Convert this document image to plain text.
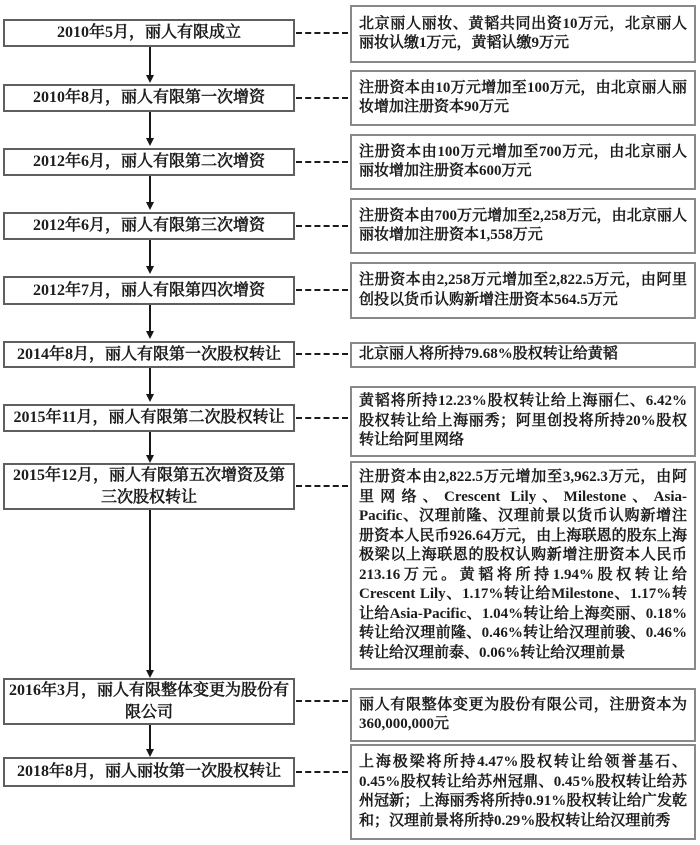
2010年5月，丽人有限成立
北京丽人丽妆、黄韬共同出资10万元，北京丽人丽妆认缴1万元，黄韬认缴9万元
2010年8月，丽人有限第一次增资
注册资本由10万元增加至100万元，由北京丽人丽妆增加注册资本90万元
2012年6月，丽人有限第二次增资
注册资本由100万元增加至700万元，由北京丽人丽妆增加注册资本600万元
2012年6月，丽人有限第三次增资
注册资本由700万元增加至2,258万元，由北京丽人丽妆增加注册资本1,558万元
2012年7月，丽人有限第四次增资
注册资本由2,258万元增加至2,822.5万元，由阿里创投以货币认购新增注册资本564.5万元
2014年8月，丽人有限第一次股权转让	北京丽人将所持79.68%股权转让给黄韬
2015年11月，丽人有限第二次股权转让
黄韬将所持12.23%股权转让给上海丽仁、6.42%股权转让给上海丽秀；阿里创投将所持20%股权转让给阿里网络
2015年12月，丽人有限第五次增资及第三次股权转让
注册资本由2,822.5万元增加至3,962.3万元，由阿里网络、Crescent Lily、Milestone、Asia-Pacific、汉理前隆、汉理前景以货币认购新增注册资本人民币926.64万元，由上海联恩的股东上海极梁以上海联恩的股权认购新增注册资本人民币213.16万元。黄韬将所持1.94%股权转让给Crescent Lily、1.17%转让给Milestone、1.17%转让给Asia-Pacific、1.04%转让给上海奕丽、0.18%转让给汉理前隆、0.46%转让给汉理前骏、0.46%转让给汉理前泰、0.06%转让给汉理前景
2016年3月，丽人有限整体变更为股份有限公司	丽人有限整体变更为股份有限公司，注册资本为360,000,000元
2018年8月，丽人丽妆第一次股权转让
上海极梁将所持4.47%股权转让给领誉基石、0.45%股权转让给苏州冠鼎、0.45%股权转让给苏州冠新；上海丽秀将所持0.91%股权转让给广发乾和；汉理前景将所持0.29%股权转让给汉理前秀
